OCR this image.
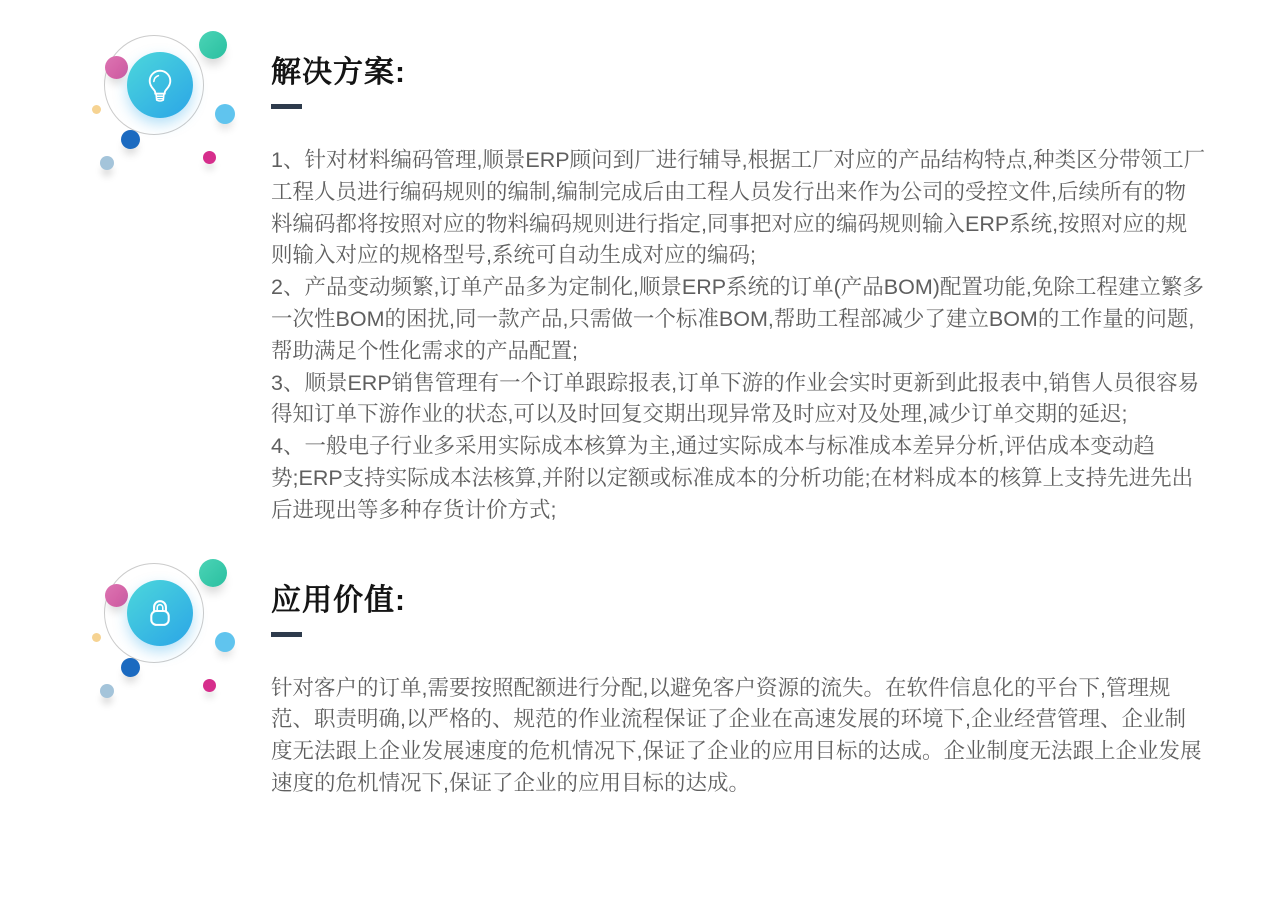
解决方案:

1、针对材料编码管理,顺景ERP顾问到厂进行辅导,根据工厂对应的产品结构特点,种类区分带领工厂工程人员进行编码规则的编制,编制完成后由工程人员发行出来作为公司的受控文件,后续所有的物料编码都将按照对应的物料编码规则进行指定,同事把对应的编码规则输入ERP系统,按照对应的规则输入对应的规格型号,系统可自动生成对应的编码;

2、产品变动频繁,订单产品多为定制化,顺景ERP系统的订单(产品BOM)配置功能,免除工程建立繁多一次性BOM的困扰,同一款产品,只需做一个标准BOM,帮助工程部减少了建立BOM的工作量的问题,帮助满足个性化需求的产品配置;

3、顺景ERP销售管理有一个订单跟踪报表,订单下游的作业会实时更新到此报表中,销售人员很容易得知订单下游作业的状态,可以及时回复交期出现异常及时应对及处理,减少订单交期的延迟;

4、一般电子行业多采用实际成本核算为主,通过实际成本与标准成本差异分析,评估成本变动趋势;ERP支持实际成本法核算,并附以定额或标准成本的分析功能;在材料成本的核算上支持先进先出后进现出等多种存货计价方式;

应用价值:

针对客户的订单,需要按照配额进行分配,以避免客户资源的流失。在软件信息化的平台下,管理规范、职责明确,以严格的、规范的作业流程保证了企业在高速发展的环境下,企业经营管理、企业制度无法跟上企业发展速度的危机情况下,保证了企业的应用目标的达成。企业制度无法跟上企业发展速度的危机情况下,保证了企业的应用目标的达成。
